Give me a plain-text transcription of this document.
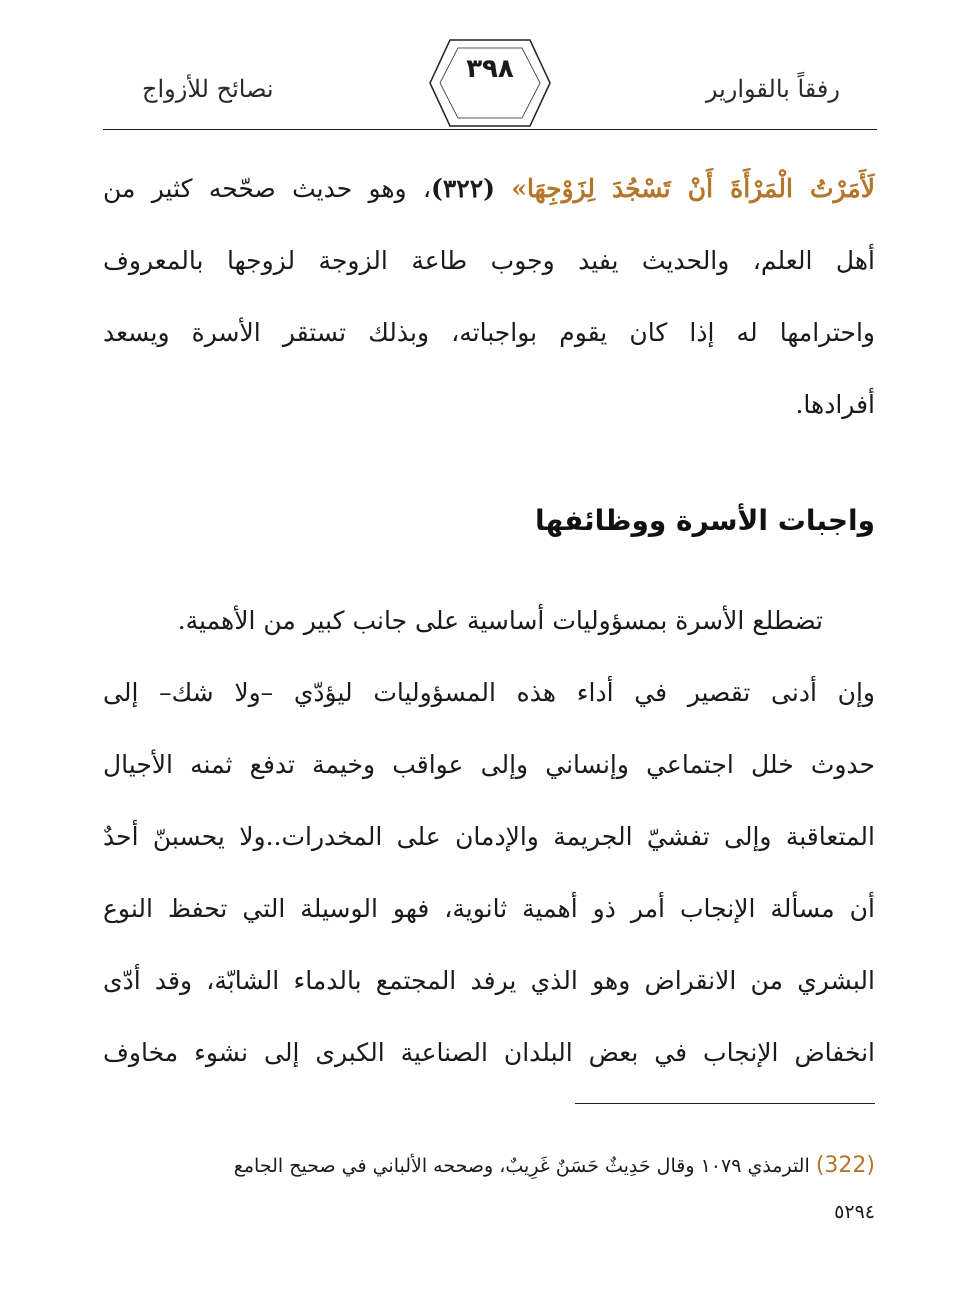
رفقاً بالقوارير
٣٩٨
نصائح للأزواج
لَأَمَرْتُ الْمَرْأَةَ أَنْ تَسْجُدَ لِزَوْجِهَا» (٣٢٢)، وهو حديث صحّحه كثير من
أهل العلم، والحديث يفيد وجوب طاعة الزوجة لزوجها بالمعروف
واحترامها له إذا كان يقوم بواجباته، وبذلك تستقر الأسرة ويسعد
أفرادها.
واجبات الأسرة ووظائفها
تضطلع الأسرة بمسؤوليات أساسية على جانب كبير من الأهمية.
وإن أدنى تقصير في أداء هذه المسؤوليات ليؤدّي –ولا شك– إلى
حدوث خلل اجتماعي وإنساني وإلى عواقب وخيمة تدفع ثمنه الأجيال
المتعاقبة وإلى تفشيّ الجريمة والإدمان على المخدرات..ولا يحسبنّ أحدٌ
أن مسألة الإنجاب أمر ذو أهمية ثانوية، فهو الوسيلة التي تحفظ النوع
البشري من الانقراض وهو الذي يرفد المجتمع بالدماء الشابّة، وقد أدّى
انخفاض الإنجاب في بعض البلدان الصناعية الكبرى إلى نشوء مخاوف
(322) الترمذي ١٠٧٩ وقال حَدِيثٌ حَسَنٌ غَرِيبٌ، وصححه الألباني في صحيح الجامع
٥٢٩٤
